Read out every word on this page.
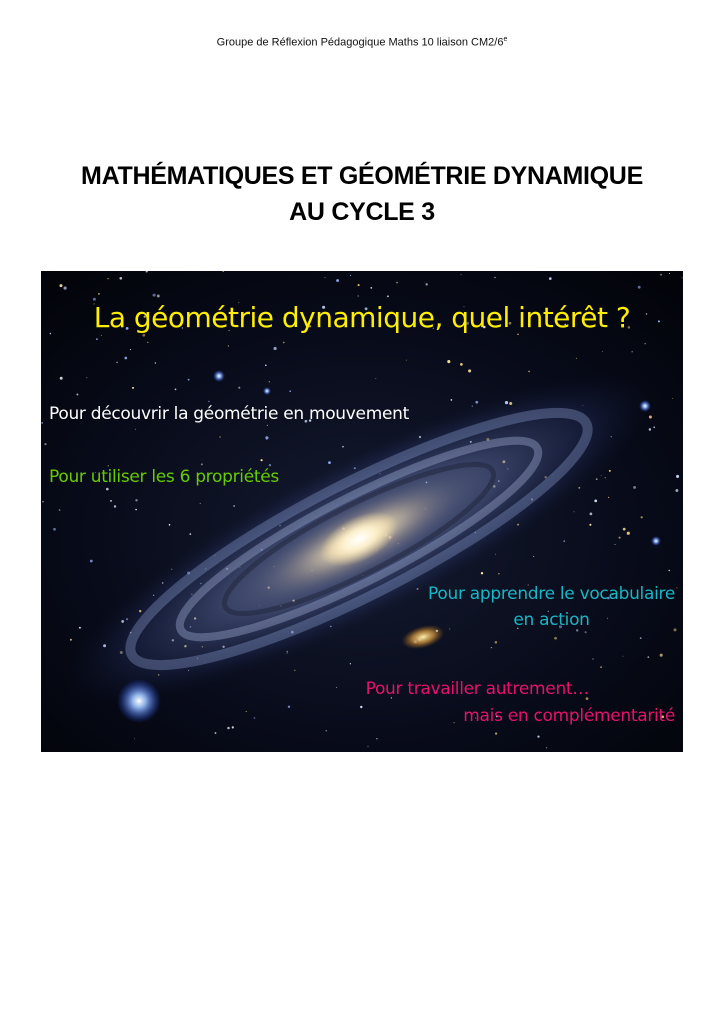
Groupe de Réflexion Pédagogique Maths 10 liaison CM2/6e
MATHÉMATIQUES ET GÉOMÉTRIE DYNAMIQUE
AU CYCLE 3
La géométrie dynamique, quel intérêt ?
Pour découvrir la géométrie en mouvement
Pour utiliser les 6 propriétés
Pour apprendre le vocabulaire
en action
Pour travailler autrement…
mais en complémentarité
